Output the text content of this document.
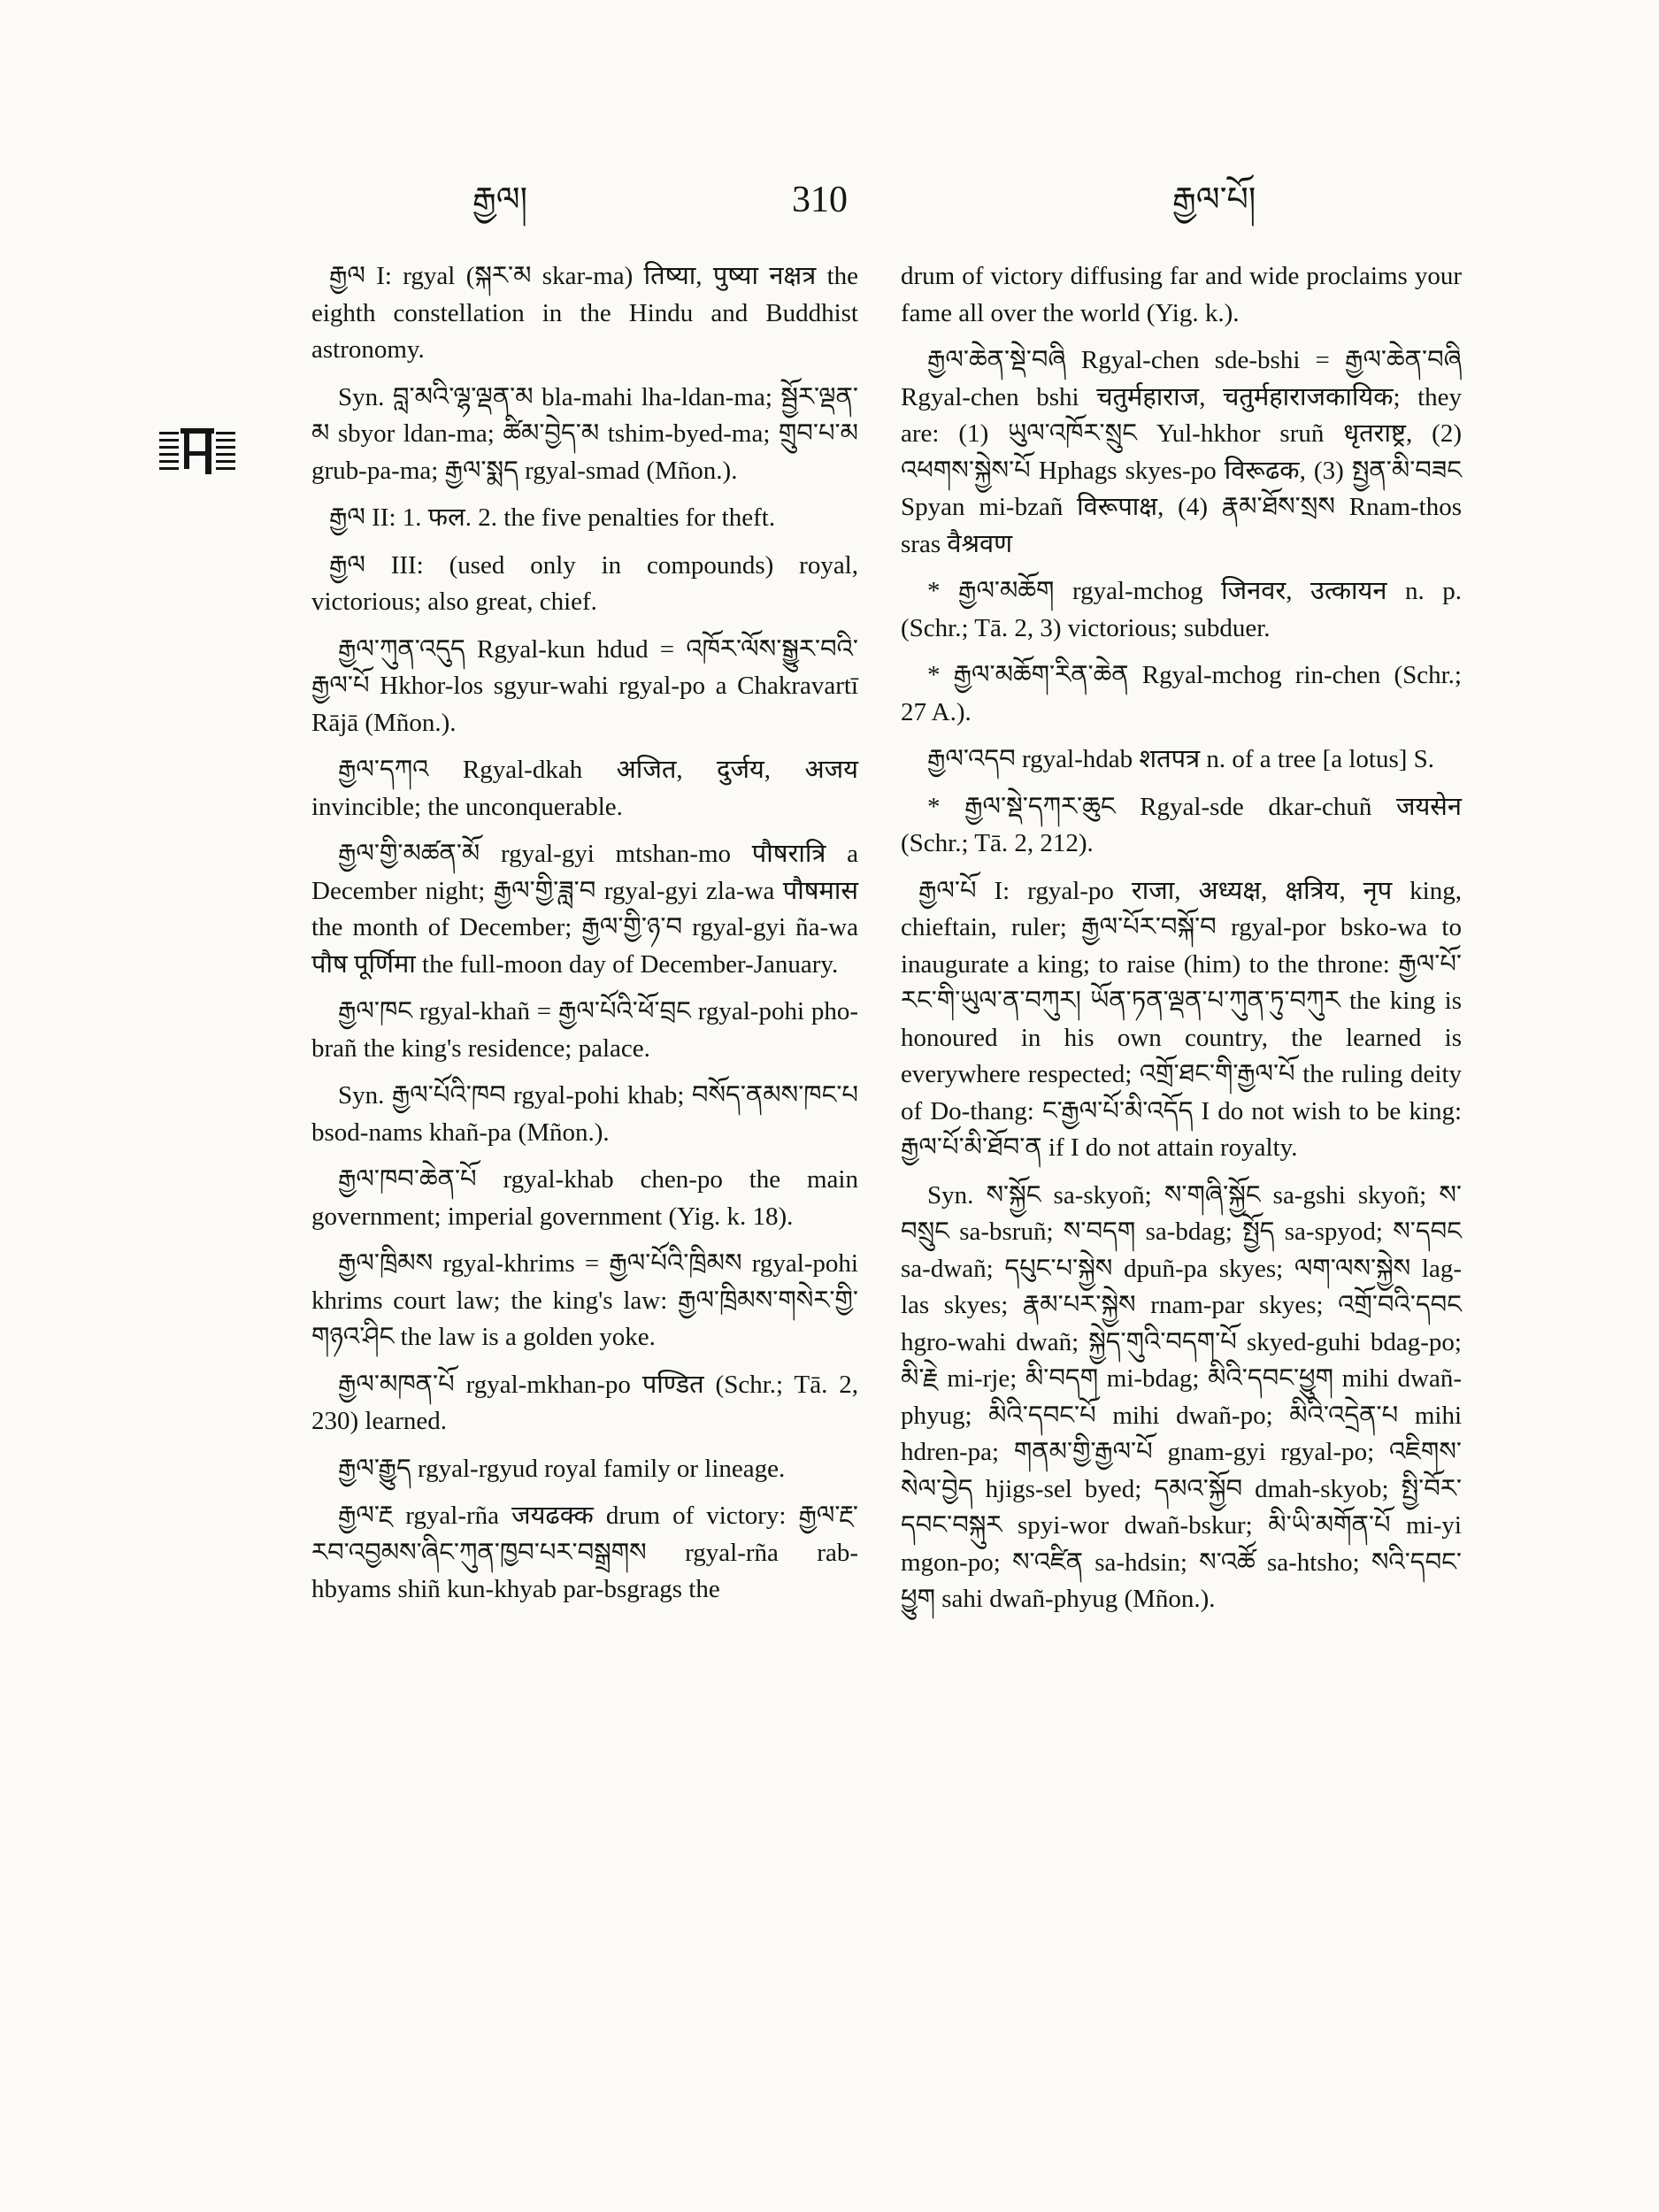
རྒྱལ།	310	རྒྱལ་པོ།

རྒྱལ I: rgyal (སྐར་མ skar-ma) तिष्या, पुष्या नक्षत्र the eighth constellation in the Hindu and Buddhist astronomy.

Syn. བླ་མའི་ལྷ་ལྡན་མ bla-mahi lha-ldan-ma; སྦྱོར་ལྡན་མ sbyor ldan-ma; ཚིམ་བྱེད་མ tshim-byed-ma; གྲུབ་པ་མ grub-pa-ma; རྒྱལ་སྨད rgyal-smad (Mñon.).

རྒྱལ II: 1. फल. 2. the five penalties for theft.

རྒྱལ III: (used only in compounds) royal, victorious; also great, chief.

རྒྱལ་ཀུན་འདུད Rgyal-kun hdud = འཁོར་ལོས་སྒྱུར་བའི་རྒྱལ་པོ Hkhor-los sgyur-wahi rgyal-po a Chakravartī Rājā (Mñon.).

རྒྱལ་དཀའ Rgyal-dkah अजित, दुर्जय, अजय invincible; the unconquerable.

རྒྱལ་གྱི་མཚན་མོ rgyal-gyi mtshan-mo पौषरात्रि a December night; རྒྱལ་གྱི་ཟླ་བ rgyal-gyi zla-wa पौषमास the month of December; རྒྱལ་གྱི་ཉ་བ rgyal-gyi ña-wa पौष पूर्णिमा the full-moon day of December-January.

རྒྱལ་ཁང rgyal-khañ = རྒྱལ་པོའི་ཕོ་བྲང rgyal-pohi pho-brañ the king's residence; palace.

Syn. རྒྱལ་པོའི་ཁབ rgyal-pohi khab; བསོད་ནམས་ཁང་པ bsod-nams khañ-pa (Mñon.).

རྒྱལ་ཁབ་ཆེན་པོ rgyal-khab chen-po the main government; imperial government (Yig. k. 18).

རྒྱལ་ཁྲིམས rgyal-khrims = རྒྱལ་པོའི་ཁྲིམས rgyal-pohi khrims court law; the king's law: རྒྱལ་ཁྲིམས་གསེར་གྱི་གཉའ་ཤིང the law is a golden yoke.

རྒྱལ་མཁན་པོ rgyal-mkhan-po पण्डित (Schr.; Tā. 2, 230) learned.

རྒྱལ་རྒྱུད rgyal-rgyud royal family or lineage.

རྒྱལ་རྔ rgyal-rña जयढक्क drum of victory: རྒྱལ་རྔ་རབ་འབྱམས་ཞིང་ཀུན་ཁྱབ་པར་བསྒྲགས rgyal-rña rab-hbyams shiñ kun-khyab par-bsgrags the

drum of victory diffusing far and wide proclaims your fame all over the world (Yig. k.).

རྒྱལ་ཆེན་སྡེ་བཞི Rgyal-chen sde-bshi = རྒྱལ་ཆེན་བཞི Rgyal-chen bshi चतुर्महाराज, चतुर्महाराजकायिक; they are: (1) ཡུལ་འཁོར་སྲུང Yul-hkhor sruñ धृतराष्ट्र, (2) འཕགས་སྐྱེས་པོ Hphags skyes-po विरूढक, (3) སྤྱན་མི་བཟང Spyan mi-bzañ विरूपाक्ष, (4) རྣམ་ཐོས་སྲས Rnam-thos sras वैश्रवण

* རྒྱལ་མཆོག rgyal-mchog जिनवर, उत्कायन n. p. (Schr.; Tā. 2, 3) victorious; subduer.

* རྒྱལ་མཆོག་རིན་ཆེན Rgyal-mchog rin-chen (Schr.; 27 A.).

རྒྱལ་འདབ rgyal-hdab शतपत्र n. of a tree [a lotus] S.

* རྒྱལ་སྡེ་དཀར་ཆུང Rgyal-sde dkar-chuñ जयसेन (Schr.; Tā. 2, 212).

རྒྱལ་པོ I: rgyal-po राजा, अध्यक्ष, क्षत्रिय, नृप king, chieftain, ruler; རྒྱལ་པོར་བསྐོ་བ rgyal-por bsko-wa to inaugurate a king; to raise (him) to the throne: རྒྱལ་པོ་རང་གི་ཡུལ་ན་བཀུར། ཡོན་ཏན་ལྡན་པ་ཀུན་ཏུ་བཀུར the king is honoured in his own country, the learned is everywhere respected; འགྲོ་ཐང་གི་རྒྱལ་པོ the ruling deity of Do-thang: ང་རྒྱལ་པོ་མི་འདོད I do not wish to be king: རྒྱལ་པོ་མི་ཐོབ་ན if I do not attain royalty.

Syn. ས་སྐྱོང sa-skyoñ; ས་གཞི་སྐྱོང sa-gshi skyoñ; ས་བསྲུང sa-bsruñ; ས་བདག sa-bdag; སྤྱོད sa-spyod; ས་དབང sa-dwañ; དཔུང་པ་སྐྱེས dpuñ-pa skyes; ལག་ལས་སྐྱེས lag-las skyes; རྣམ་པར་སྐྱེས rnam-par skyes; འགྲོ་བའི་དབང hgro-wahi dwañ; སྐྱེད་གུའི་བདག་པོ skyed-guhi bdag-po; མི་རྗེ mi-rje; མི་བདག mi-bdag; མིའི་དབང་ཕྱུག mihi dwañ-phyug; མིའི་དབང་པོ mihi dwañ-po; མིའི་འདྲེན་པ mihi hdren-pa; གནམ་གྱི་རྒྱལ་པོ gnam-gyi rgyal-po; འཇིགས་སེལ་བྱེད hjigs-sel byed; དམའ་སྐྱོབ dmah-skyob; སྤྱི་བོར་དབང་བསྐུར spyi-wor dwañ-bskur; མི་ཡི་མགོན་པོ mi-yi mgon-po; ས་འཛིན sa-hdsin; ས་འཚོ sa-htsho; སའི་དབང་ཕྱུག sahi dwañ-phyug (Mñon.).
